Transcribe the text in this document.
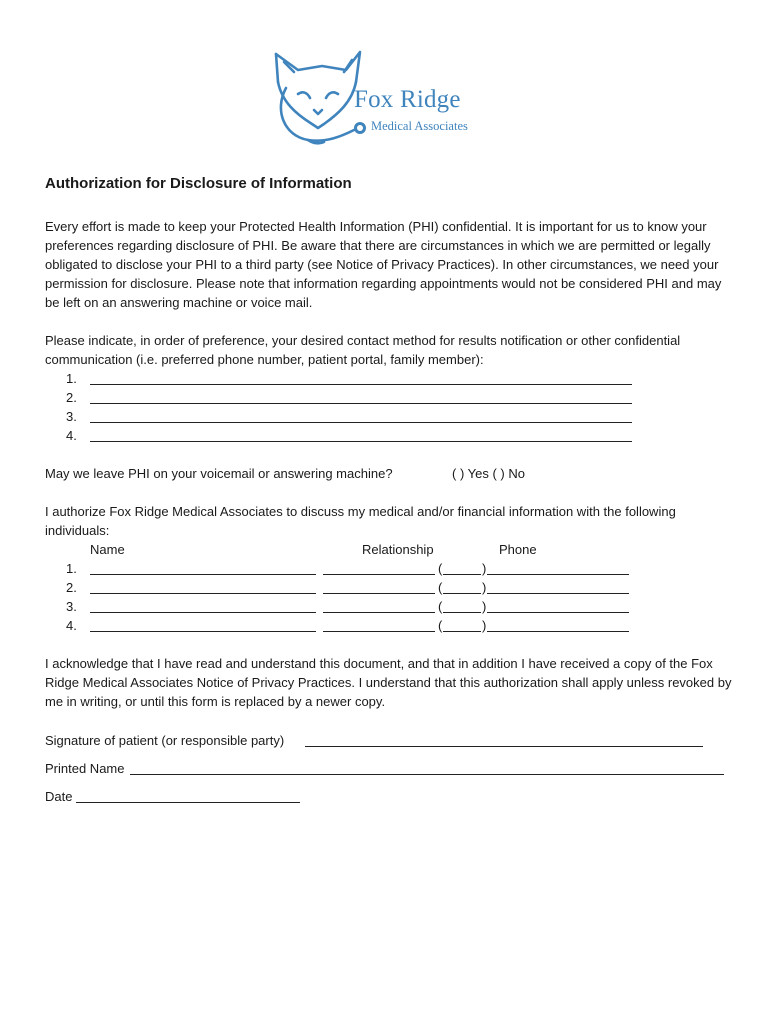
Fox Ridge
Medical Associates
Authorization for Disclosure of Information

Every effort is made to keep your Protected Health Information (PHI) confidential. It is important for us to know your preferences regarding disclosure of PHI. Be aware that there are circumstances in which we are permitted or legally obligated to disclose your PHI to a third party (see Notice of Privacy Practices). In other circumstances, we need your permission for disclosure. Please note that information regarding appointments would not be considered PHI and may be left on an answering machine or voice mail.

Please indicate, in order of preference, your desired contact method for results notification or other confidential communication (i.e. preferred phone number, patient portal, family member):

1.
2.
3.
4.
May we leave PHI on your voicemail or answering machine?	( ) Yes ( ) No

I authorize Fox Ridge Medical Associates to discuss my medical and/or financial information with the following individuals:

Name	Relationship	Phone
1.	(	)
2.	(	)
3.	(	)
4.	(	)

I acknowledge that I have read and understand this document, and that in addition I have received a copy of the Fox Ridge Medical Associates Notice of Privacy Practices. I understand that this authorization shall apply unless revoked by me in writing, or until this form is replaced by a newer copy.

Signature of patient (or responsible party)
Printed Name
Date
